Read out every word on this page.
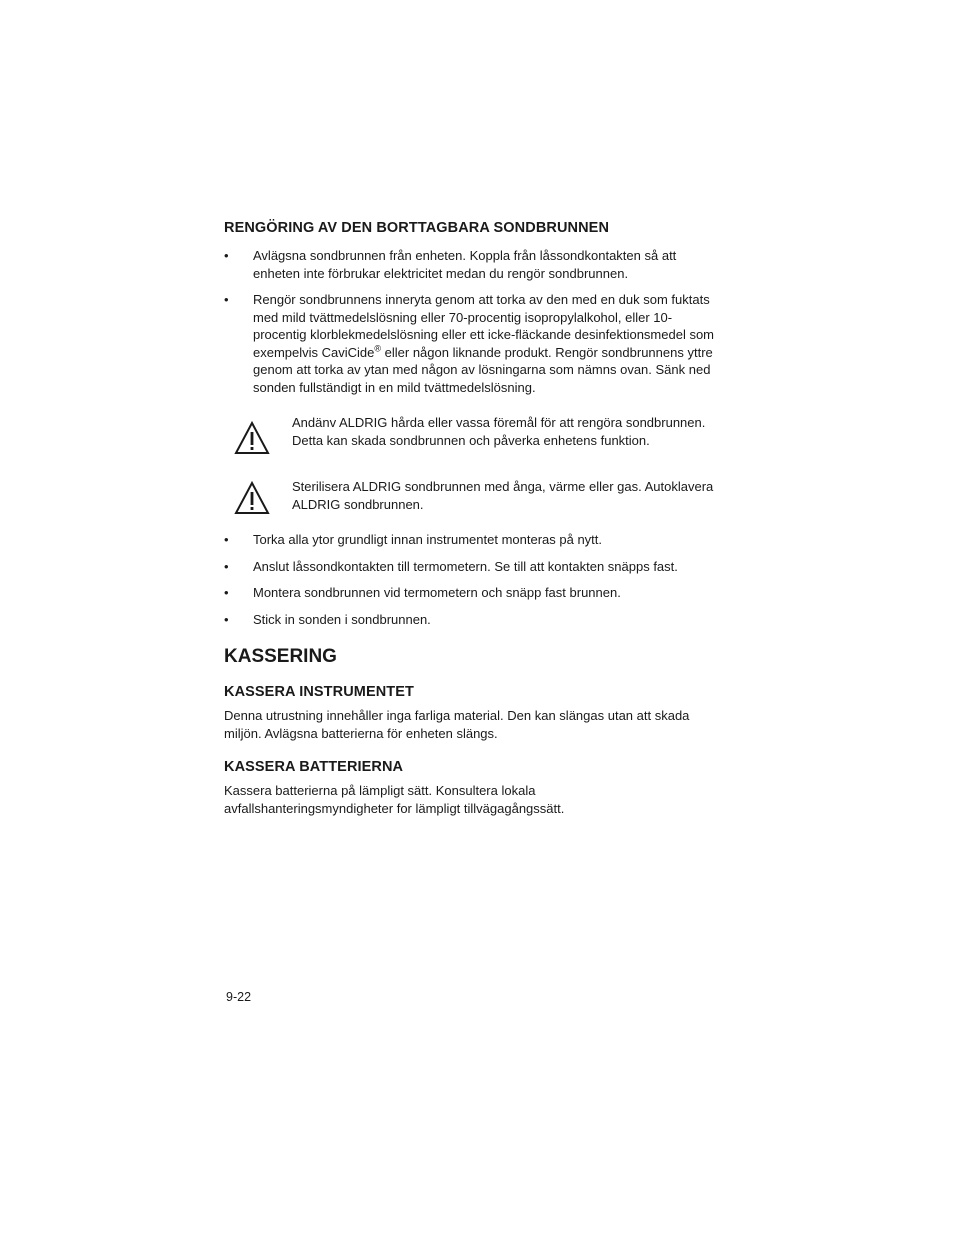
RENGÖRING AV DEN BORTTAGBARA SONDBRUNNEN
• Avlägsna sondbrunnen från enheten. Koppla från låssondkontakten så att enheten inte förbrukar elektricitet medan du rengör sondbrunnen.
• Rengör sondbrunnens inneryta genom att torka av den med en duk som fuktats med mild tvättmedelslösning eller 70-procentig isopropylalkohol, eller 10-procentig klorblekmedelslösning eller ett icke-fläckande desinfektionsmedel som exempelvis CaviCide® eller någon liknande produkt. Rengör sondbrunnens yttre genom att torka av ytan med någon av lösningarna som nämns ovan. Sänk ned sonden fullständigt in en mild tvättmedelslösning.
Andänv ALDRIG hårda eller vassa föremål för att rengöra sondbrunnen. Detta kan skada sondbrunnen och påverka enhetens funktion.
Sterilisera ALDRIG sondbrunnen med ånga, värme eller gas. Autoklavera ALDRIG sondbrunnen.
• Torka alla ytor grundligt innan instrumentet monteras på nytt.
• Anslut låssondkontakten till termometern. Se till att kontakten snäpps fast.
• Montera sondbrunnen vid termometern och snäpp fast brunnen.
• Stick in sonden i sondbrunnen.
KASSERING
KASSERA INSTRUMENTET

Denna utrustning innehåller inga farliga material. Den kan slängas utan att skada miljön. Avlägsna batterierna för enheten slängs.

KASSERA BATTERIERNA

Kassera batterierna på lämpligt sätt. Konsultera lokala avfallshanteringsmyndigheter for lämpligt tillvägagångssätt.

9-22
